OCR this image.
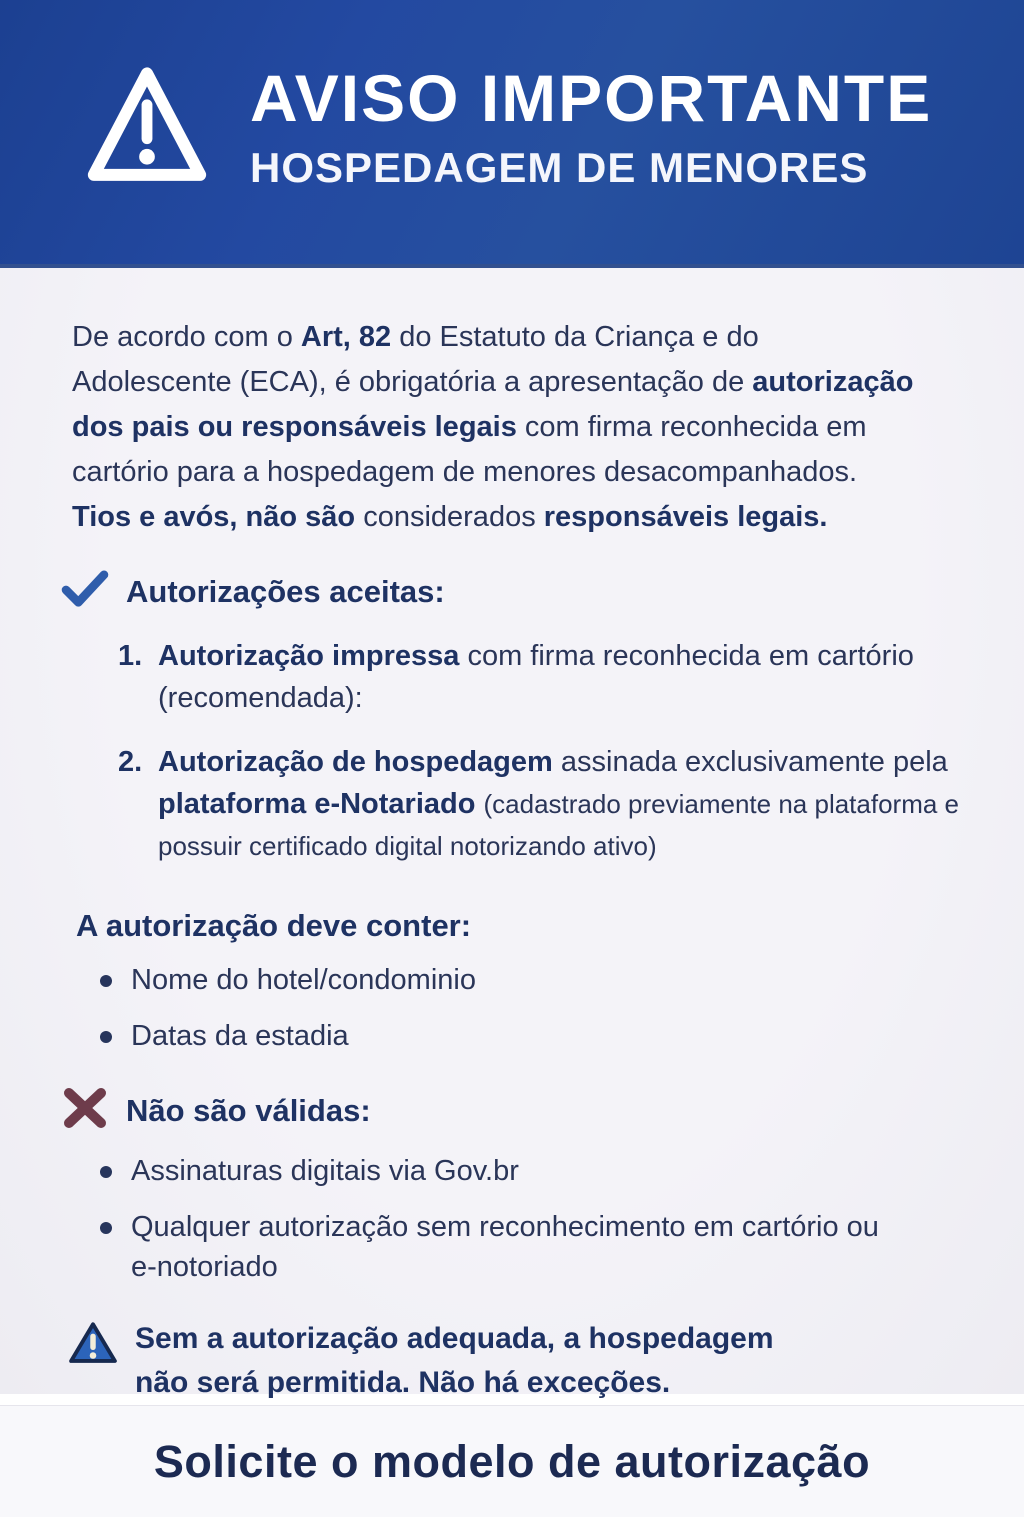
AVISO IMPORTANTE
HOSPEDAGEM DE MENORES

De acordo com o Art, 82 do Estatuto da Criança e do Adolescente (ECA), é obrigatória a apresentação de autorização dos pais ou responsáveis legais com firma reconhecida em cartório para a hospedagem de menores desacompanhados. Tios e avós, não são considerados responsáveis legais.

Autorizações aceitas:
1. Autorização impressa com firma reconhecida em cartório (recomendada):
2. Autorização de hospedagem assinada exclusivamente pela plataforma e-Notariado (cadastrado previamente na plataforma e possuir certificado digital notorizando ativo)
A autorização deve conter:
Nome do hotel/condominio
Datas da estadia
Não são válidas:
Assinaturas digitais via Gov.br
Qualquer autorização sem reconhecimento em cartório ou e-notoriado

Sem a autorização adequada, a hospedagem não será permitida. Não há exceções.

Solicite o modelo de autorização
